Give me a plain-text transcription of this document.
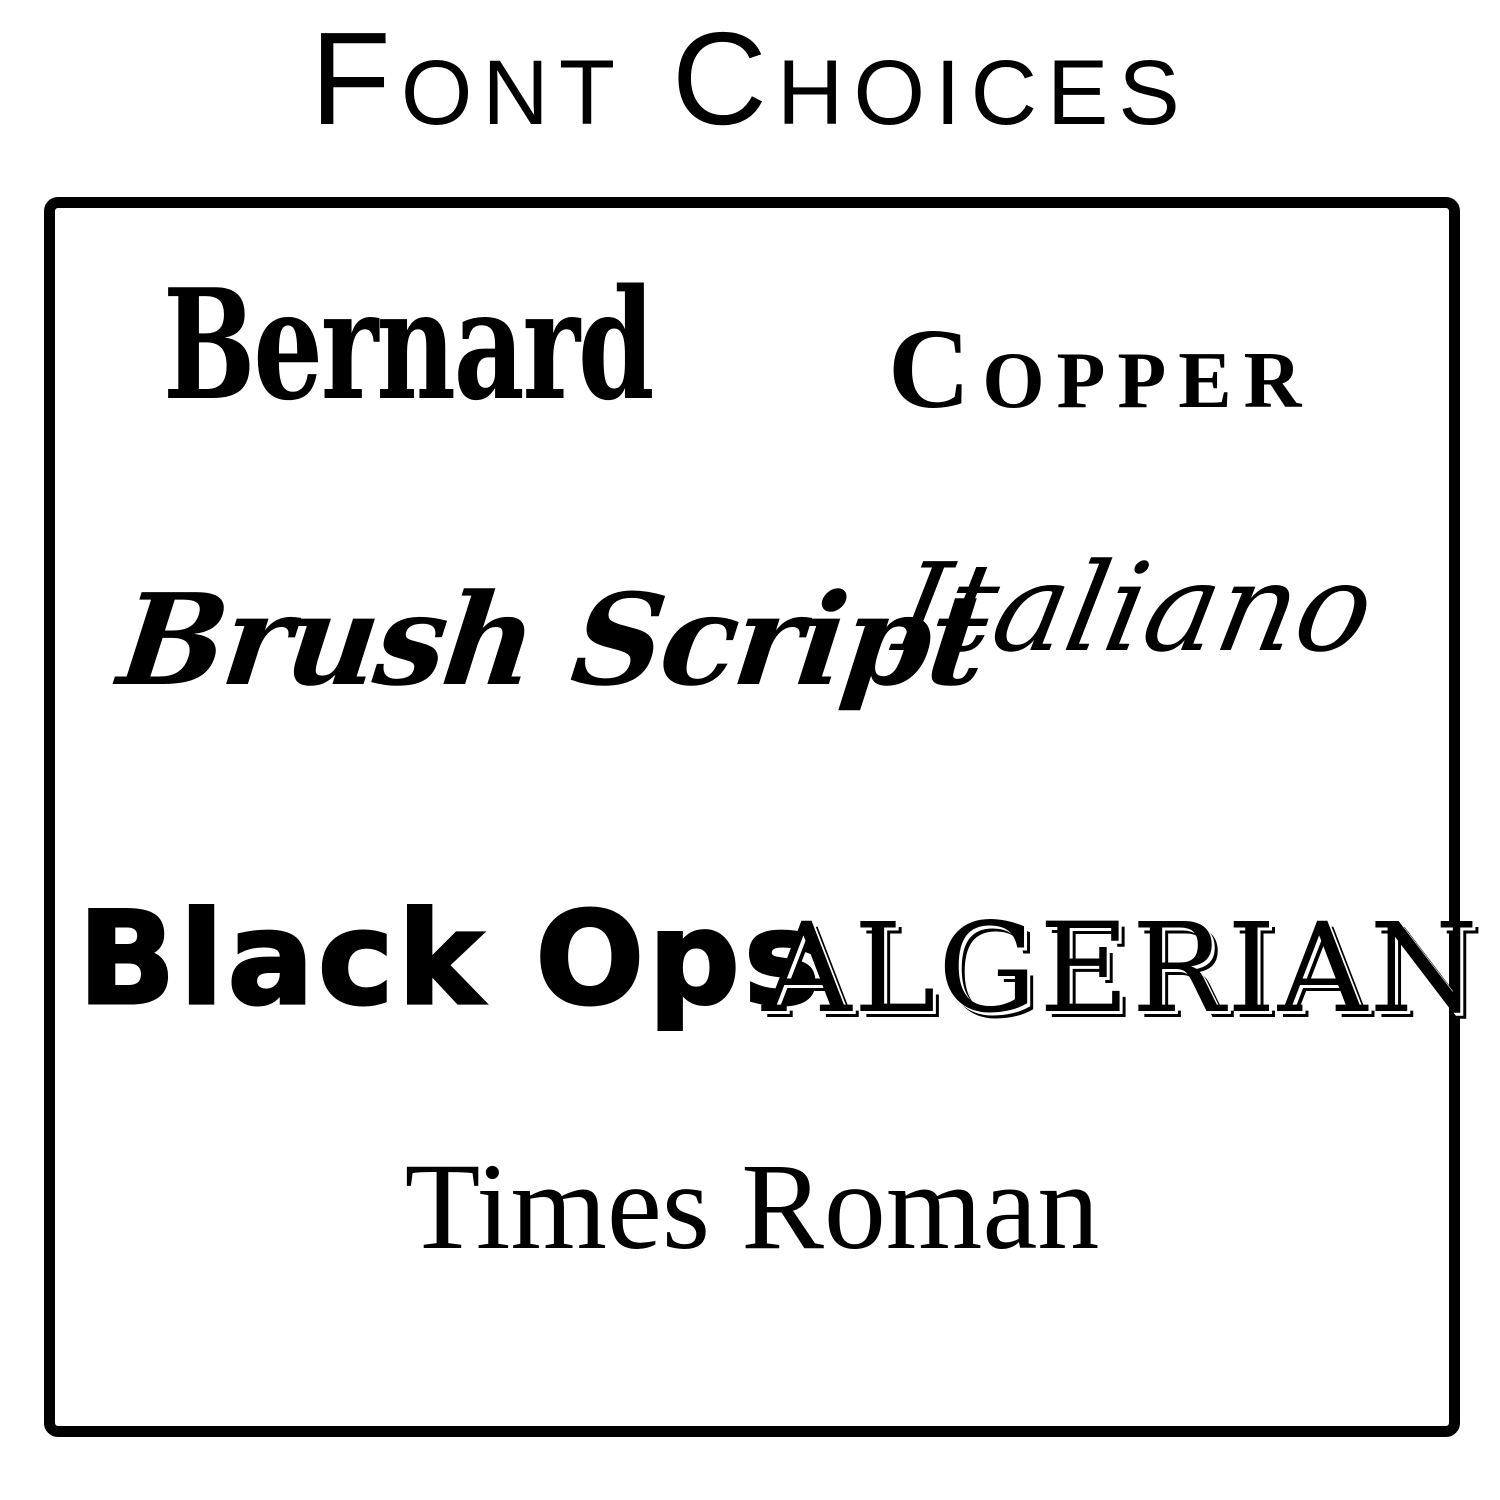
Font Choices
Bernard Copper
Brush Script
Italiano
Black Ops
ALGERIAN
Times Roman
